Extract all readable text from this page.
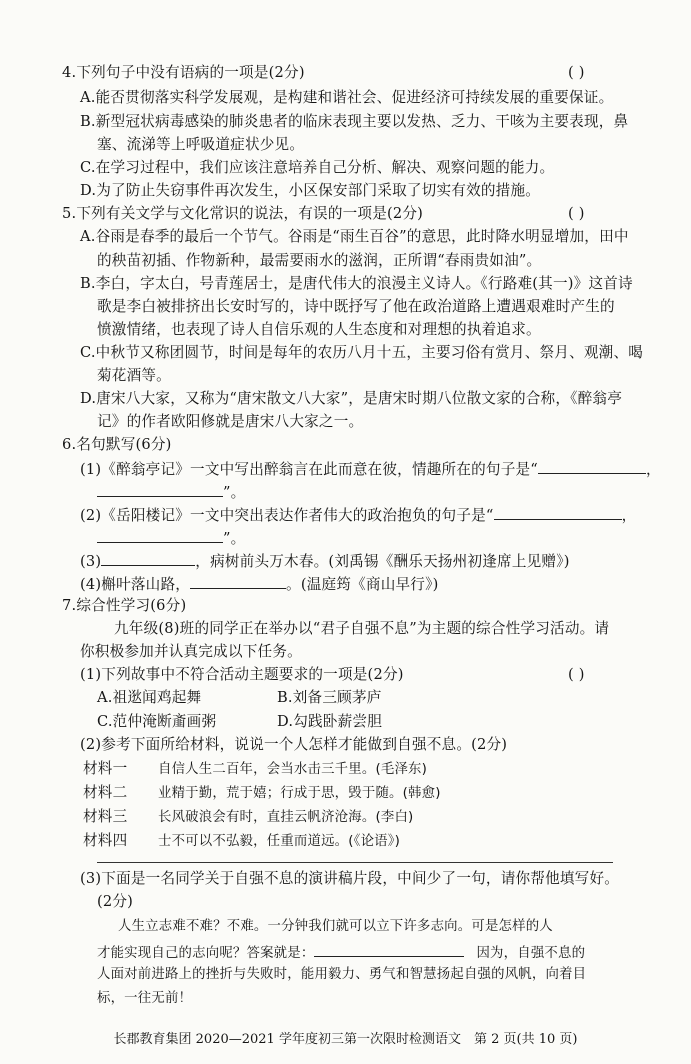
4.下列句子中没有语病的一项是(2分)	( )
A.能否贯彻落实科学发展观，是构建和谐社会、促进经济可持续发展的重要保证。
B.新型冠状病毒感染的肺炎患者的临床表现主要以发热、乏力、干咳为主要表现，鼻
塞、流涕等上呼吸道症状少见。
C.在学习过程中，我们应该注意培养自己分析、解决、观察问题的能力。
D.为了防止失窃事件再次发生，小区保安部门采取了切实有效的措施。
5.下列有关文学与文化常识的说法，有误的一项是(2分)	( )
A.谷雨是春季的最后一个节气。谷雨是“雨生百谷”的意思，此时降水明显增加，田中
的秧苗初插、作物新种，最需要雨水的滋润，正所谓“春雨贵如油”。
B.李白，字太白，号青莲居士，是唐代伟大的浪漫主义诗人。《行路难(其一)》这首诗
歌是李白被排挤出长安时写的，诗中既抒写了他在政治道路上遭遇艰难时产生的
愤激情绪，也表现了诗人自信乐观的人生态度和对理想的执着追求。
C.中秋节又称团圆节，时间是每年的农历八月十五，主要习俗有赏月、祭月、观潮、喝
菊花酒等。
D.唐宋八大家，又称为“唐宋散文八大家”，是唐宋时期八位散文家的合称，《醉翁亭
记》的作者欧阳修就是唐宋八大家之一。
6.名句默写(6分)
(1)《醉翁亭记》一文中写出醉翁言在此而意在彼，情趣所在的句子是“	，
”。
(2)《岳阳楼记》一文中突出表达作者伟大的政治抱负的句子是“	，
”。
(3)	，病树前头万木春。(刘禹锡《酬乐天扬州初逢席上见赠》)
(4)槲叶落山路，	。(温庭筠《商山早行》)
7.综合性学习(6分)
九年级(8)班的同学正在举办以“君子自强不息”为主题的综合性学习活动。请
你积极参加并认真完成以下任务。
(1)下列故事中不符合活动主题要求的一项是(2分)	( )
A.祖逖闻鸡起舞	B.刘备三顾茅庐
C.范仲淹断齑画粥	D.勾践卧薪尝胆
(2)参考下面所给材料，说说一个人怎样才能做到自强不息。(2分)
材料一 自信人生二百年，会当水击三千里。(毛泽东)
材料二 业精于勤，荒于嬉；行成于思，毁于随。(韩愈)
材料三 长风破浪会有时，直挂云帆济沧海。(李白)
材料四 士不可以不弘毅，任重而道远。(《论语》)
(3)下面是一名同学关于自强不息的演讲稿片段，中间少了一句，请你帮他填写好。
(2分)
人生立志难不难？不难。一分钟我们就可以立下许多志向。可是怎样的人
才能实现自己的志向呢？答案就是：	因为，自强不息的
人面对前进路上的挫折与失败时，能用毅力、勇气和智慧扬起自强的风帆，向着目
标，一往无前！
长郡教育集团 2020—2021 学年度初三第一次限时检测语文　第 2 页(共 10 页)
